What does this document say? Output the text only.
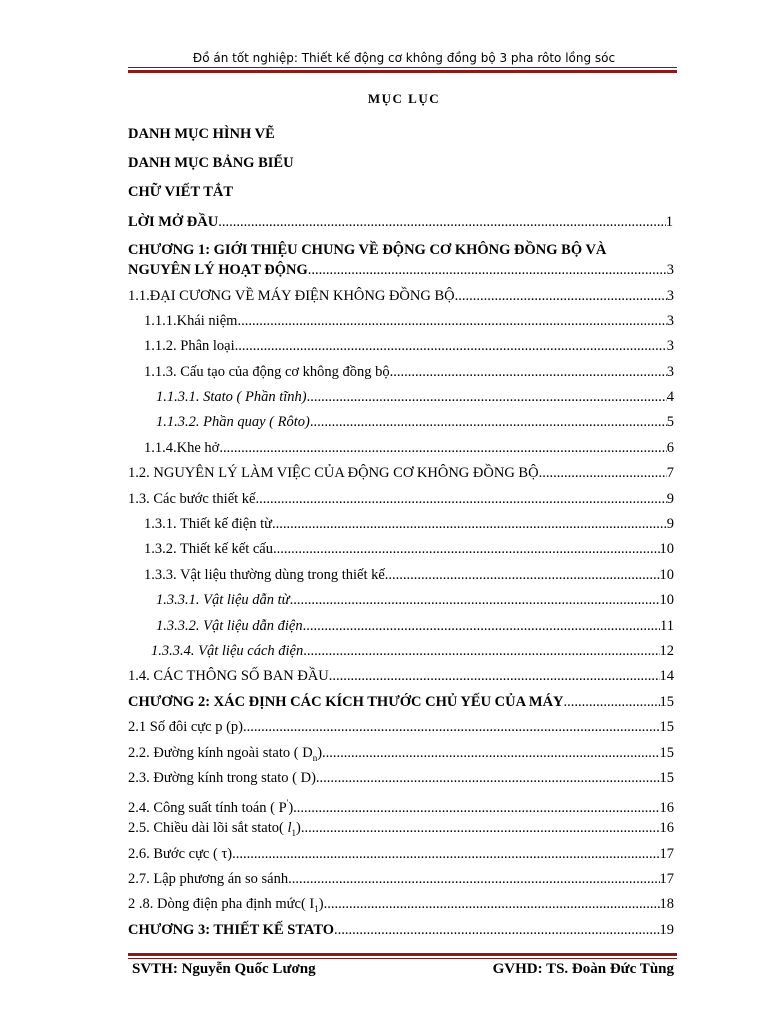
Đồ án tốt nghiệp: Thiết kế động cơ không đồng bộ 3 pha rôto lồng sóc
MỤC LỤC
DANH MỤC HÌNH VẼ
DANH MỤC BẢNG BIỂU
CHỮ VIẾT TẮT
LỜI MỞ ĐẦU .....	1
CHƯƠNG 1: GIỚI THIỆU CHUNG VỀ ĐỘNG CƠ KHÔNG ĐỒNG BỘ VÀ
NGUYÊN LÝ HOẠT ĐỘNG .....	3
1.1.ĐẠI CƯƠNG VỀ MÁY ĐIỆN KHÔNG ĐỒNG BỘ .....	3
1.1.1.Khái niệm .....	3
1.1.2. Phân loại .....	3
1.1.3. Cấu tạo của động cơ không đồng bộ .....	3
1.1.3.1. Stato ( Phần tĩnh) .....	4
1.1.3.2. Phần quay ( Rôto) .....	5
1.1.4.Khe hở .....	6
1.2. NGUYÊN LÝ LÀM VIỆC CỦA ĐỘNG CƠ KHÔNG ĐỒNG BỘ .....	7
1.3. Các bước thiết kế .....	9
1.3.1. Thiết kế điện từ .....	9
1.3.2. Thiết kế kết cấu .....	10
1.3.3. Vật liệu thường dùng trong thiết kế .....	10
1.3.3.1. Vật liệu dẫn từ .....	10
1.3.3.2. Vật liệu dẫn điện .....	11
1.3.3.4. Vật liệu cách điện .....	12
1.4. CÁC THÔNG SỐ BAN ĐẦU .....	14
CHƯƠNG 2: XÁC ĐỊNH CÁC KÍCH THƯỚC CHỦ YẾU CỦA MÁY .....	15
2.1 Số đôi cực p (p) .....	15
2.2. Đường kính ngoài stato ( $D_n$) .....	15
2.3. Đường kính trong stato ( D) .....	15
2.4. Công suất tính toán ( P') .....	16
2.5. Chiều dài lõi sắt stato( $l_1$) .....	16
2.6. Bước cực ( τ) .....	17
2.7. Lập phương án so sánh .....	17
2 .8. Dòng điện pha định mức( $I_1$) .....	18
CHƯƠNG 3: THIẾT KẾ STATO .....	19
SVTH: Nguyễn Quốc Lương	GVHD: TS. Đoàn Đức Tùng
